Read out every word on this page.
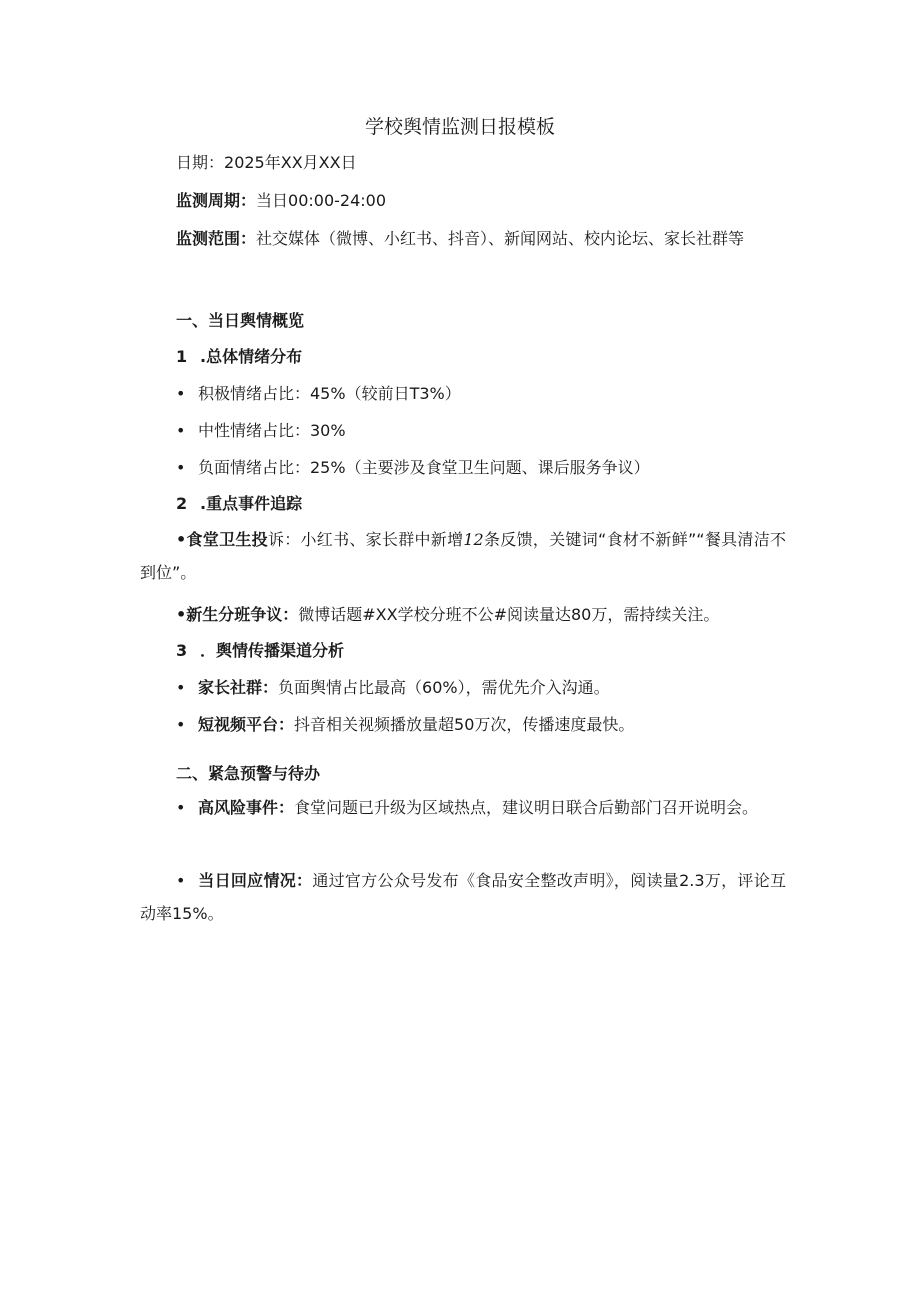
学校舆情监测日报模板

日期：2025年XX月XX日

监测周期：当日00:00-24:00

监测范围：社交媒体（微博、小红书、抖音）、新闻网站、校内论坛、家长社群等

一、当日舆情概览

1 .总体情绪分布

• 积极情绪占比：45%（较前日T3%）

• 中性情绪占比：30%

• 负面情绪占比：25%（主要涉及食堂卫生问题、课后服务争议）

2 .重点事件追踪

•食堂卫生投诉：小红书、家长群中新增12条反馈，关键词“食材不新鲜”“餐具清洁不到位”。

•新生分班争议：微博话题#XX学校分班不公#阅读量达80万，需持续关注。

3 ．舆情传播渠道分析

• 家长社群：负面舆情占比最高（60%），需优先介入沟通。

• 短视频平台：抖音相关视频播放量超50万次，传播速度最快。

二、紧急预警与待办

• 高风险事件：食堂问题已升级为区域热点，建议明日联合后勤部门召开说明会。

• 当日回应情况：通过官方公众号发布《食品安全整改声明》，阅读量2.3万，评论互动率15%。
